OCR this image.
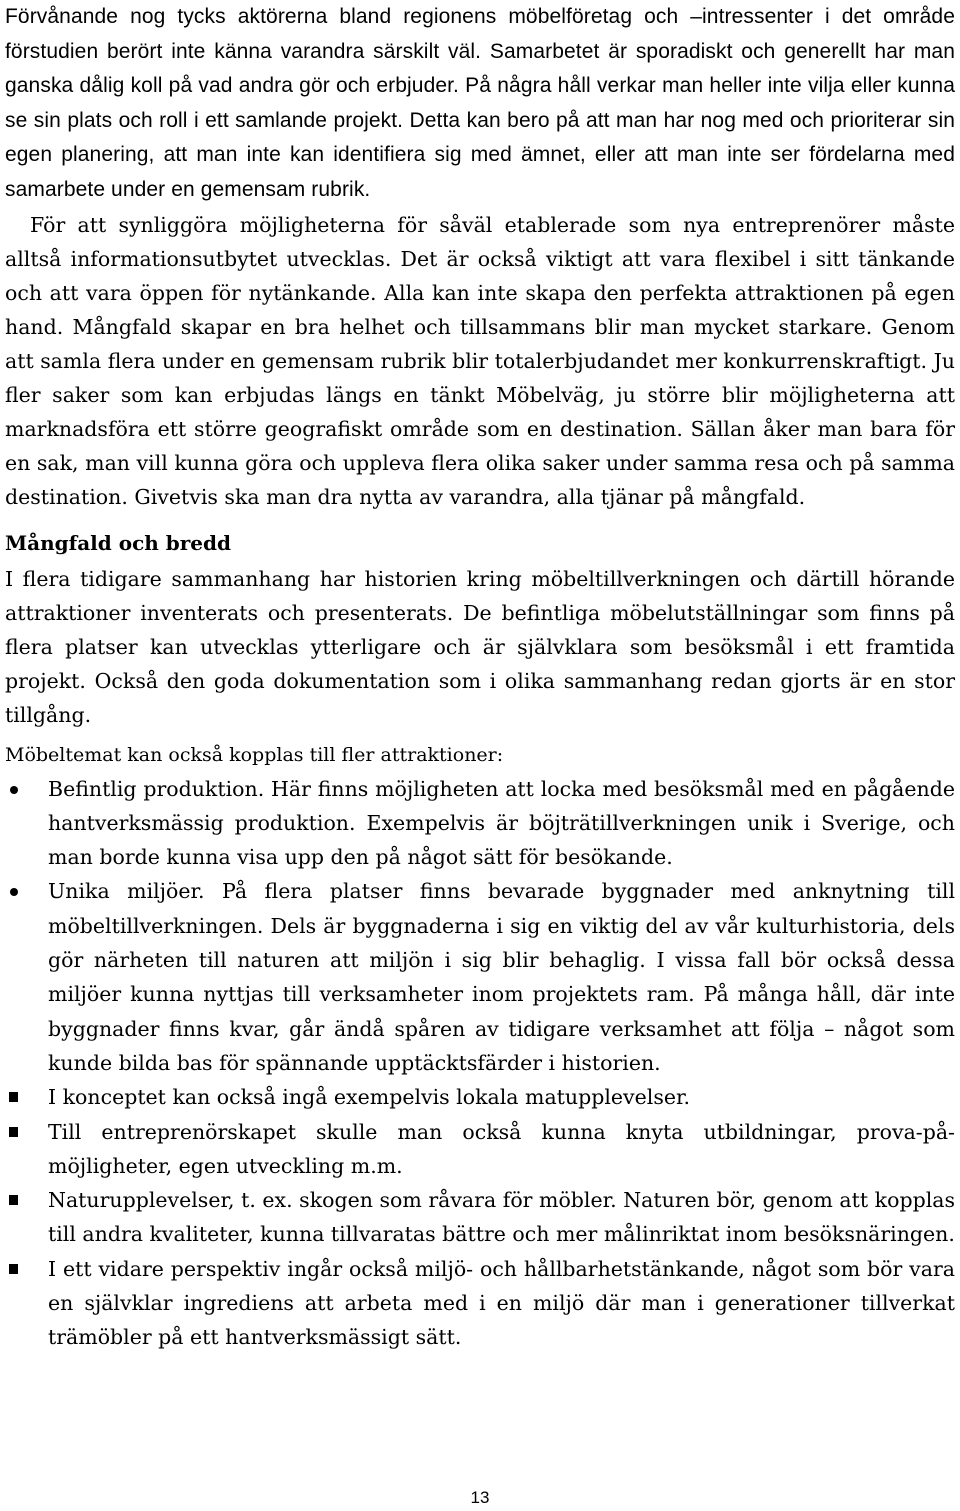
Förvånande nog tycks aktörerna bland regionens möbelföretag och –intressenter i det område förstudien berört inte känna varandra särskilt väl. Samarbetet är sporadiskt och generellt har man ganska dålig koll på vad andra gör och erbjuder. På några håll verkar man heller inte vilja eller kunna se sin plats och roll i ett samlande projekt. Detta kan bero på att man har nog med och prioriterar sin egen planering, att man inte kan identifiera sig med ämnet, eller att man inte ser fördelarna med samarbete under en gemensam rubrik.

För att synliggöra möjligheterna för såväl etablerade som nya entreprenörer måste alltså informationsutbytet utvecklas. Det är också viktigt att vara flexibel i sitt tänkande och att vara öppen för nytänkande. Alla kan inte skapa den perfekta attraktionen på egen hand. Mångfald skapar en bra helhet och tillsammans blir man mycket starkare. Genom att samla flera under en gemensam rubrik blir totalerbjudandet mer konkurrenskraftigt. Ju fler saker som kan erbjudas längs en tänkt Möbelväg, ju större blir möjligheterna att marknadsföra ett större geografiskt område som en destination. Sällan åker man bara för en sak, man vill kunna göra och uppleva flera olika saker under samma resa och på samma destination. Givetvis ska man dra nytta av varandra, alla tjänar på mångfald.

Mångfald och bredd

I flera tidigare sammanhang har historien kring möbeltillverkningen och därtill hörande attraktioner inventerats och presenterats. De befintliga möbelutställningar som finns på flera platser kan utvecklas ytterligare och är självklara som besöksmål i ett framtida projekt. Också den goda dokumentation som i olika sammanhang redan gjorts är en stor tillgång.

Möbeltemat kan också kopplas till fler attraktioner:

Befintlig produktion. Här finns möjligheten att locka med besöksmål med en pågående hantverksmässig produktion. Exempelvis är böjträtillverkningen unik i Sverige, och man borde kunna visa upp den på något sätt för besökande.
Unika miljöer. På flera platser finns bevarade byggnader med anknytning till möbeltillverkningen. Dels är byggnaderna i sig en viktig del av vår kulturhistoria, dels gör närheten till naturen att miljön i sig blir behaglig. I vissa fall bör också dessa miljöer kunna nyttjas till verksamheter inom projektets ram. På många håll, där inte byggnader finns kvar, går ändå spåren av tidigare verksamhet att följa – något som kunde bilda bas för spännande upptäcktsfärder i historien.
I konceptet kan också ingå exempelvis lokala matupplevelser.
Till entreprenörskapet skulle man också kunna knyta utbildningar, prova-på-möjligheter, egen utveckling m.m.
Naturupplevelser, t. ex. skogen som råvara för möbler. Naturen bör, genom att kopplas till andra kvaliteter, kunna tillvaratas bättre och mer målinriktat inom besöksnäringen.
I ett vidare perspektiv ingår också miljö- och hållbarhetstänkande, något som bör vara en självklar ingrediens att arbeta med i en miljö där man i generationer tillverkat trämöbler på ett hantverksmässigt sätt.
13
